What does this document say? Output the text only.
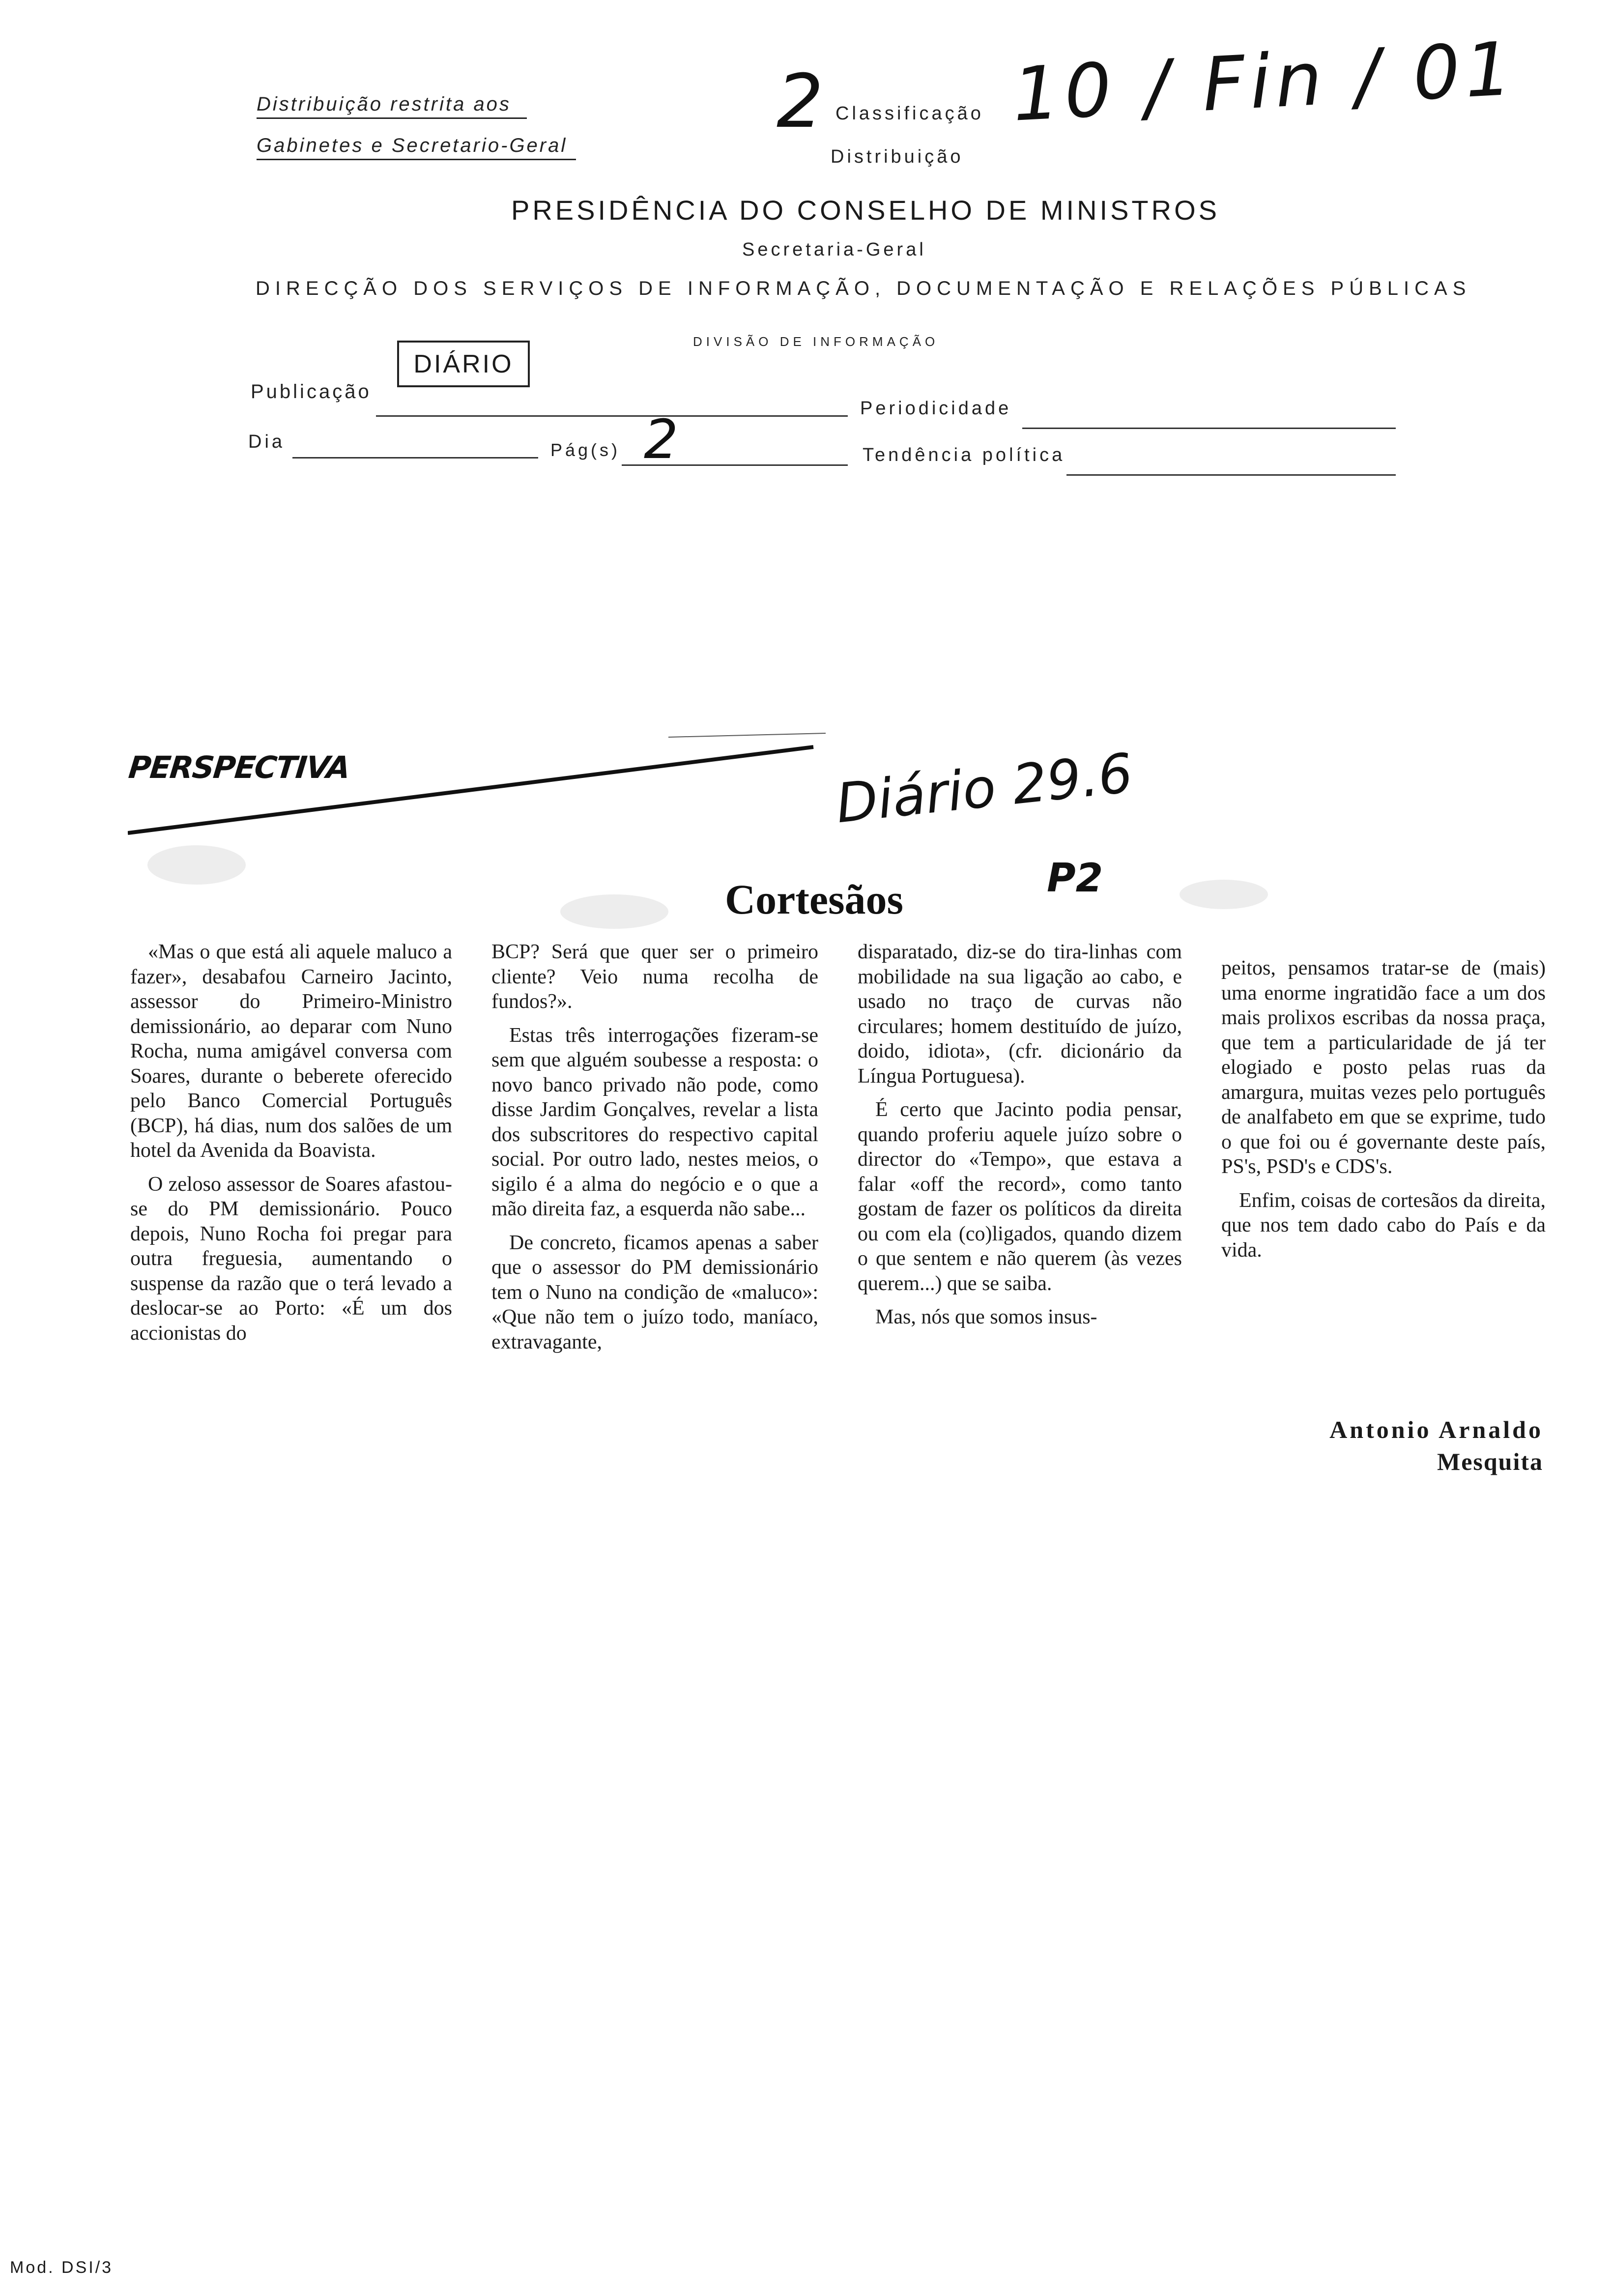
Distribuição restrita aos
Gabinetes e Secretario-Geral
2 Classificação
Distribuição
10 / Fin / 01
PRESIDÊNCIA DO CONSELHO DE MINISTROS
Secretaria-Geral
DIRECÇÃO DOS SERVIÇOS DE INFORMAÇÃO, DOCUMENTAÇÃO E RELAÇÕES PÚBLICAS
DIVISÃO DE INFORMAÇÃO
DIÁRIO
Publicação
Periodicidade
Dia	Pág(s) 2	Tendência política
PERSPECTIVA	Diário 29.6
P2
Cortesãos

«Mas o que está ali aquele maluco a fazer», desabafou Carneiro Jacinto, assessor do Primeiro-Ministro demissionário, ao deparar com Nuno Rocha, numa amigável conversa com Soares, durante o beberete oferecido pelo Banco Comercial Português (BCP), há dias, num dos salões de um hotel da Avenida da Boavista.

O zeloso assessor de Soares afastou-se do PM demissionário. Pouco depois, Nuno Rocha foi pregar para outra freguesia, aumentando o suspense da razão que o terá levado a deslocar-se ao Porto: «É um dos accionistas do

BCP? Será que quer ser o primeiro cliente? Veio numa recolha de fundos?».

Estas três interrogações fizeram-se sem que alguém soubesse a resposta: o novo banco privado não pode, como disse Jardim Gonçalves, revelar a lista dos subscritores do respectivo capital social. Por outro lado, nestes meios, o sigilo é a alma do negócio e o que a mão direita faz, a esquerda não sabe...

De concreto, ficamos apenas a saber que o assessor do PM demissionário tem o Nuno na condição de «maluco»: «Que não tem o juízo todo, maníaco, extravagante,

disparatado, diz-se do tira-linhas com mobilidade na sua ligação ao cabo, e usado no traço de curvas não circulares; homem destituído de juízo, doido, idiota», (cfr. dicionário da Língua Portuguesa).

É certo que Jacinto podia pensar, quando proferiu aquele juízo sobre o director do «Tempo», que estava a falar «off the record», como tanto gostam de fazer os políticos da direita ou com ela (co)ligados, quando dizem o que sentem e não querem (às vezes querem...) que se saiba.

Mas, nós que somos insus-

peitos, pensamos tratar-se de (mais) uma enorme ingratidão face a um dos mais prolixos escribas da nossa praça, que tem a particularidade de já ter elogiado e posto pelas ruas da amargura, muitas vezes pelo português de analfabeto em que se exprime, tudo o que foi ou é governante deste país, PS's, PSD's e CDS's.

Enfim, coisas de cortesãos da direita, que nos tem dado cabo do País e da vida.

Antonio Arnaldo
Mesquita
Mod. DSI/3
